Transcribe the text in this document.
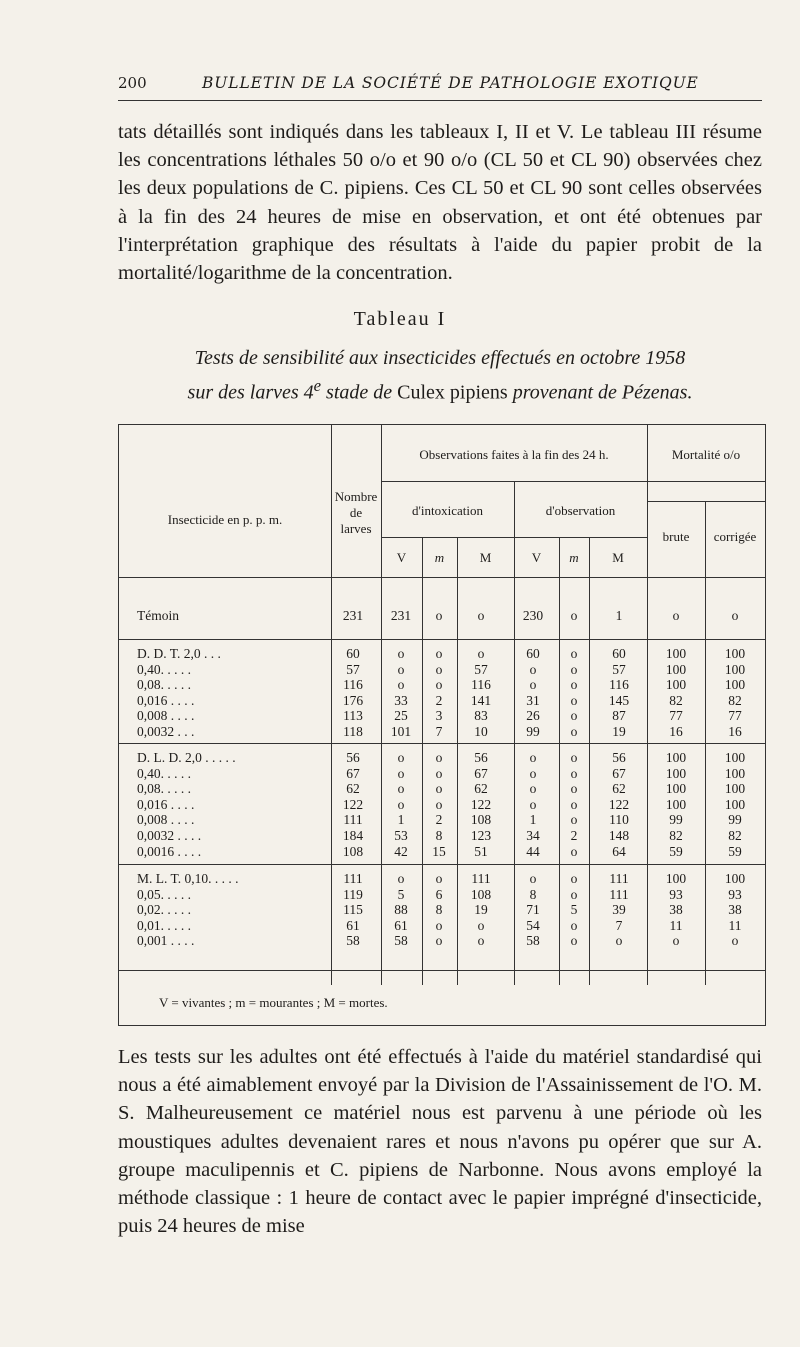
200	BULLETIN DE LA SOCIÉTÉ DE PATHOLOGIE EXOTIQUE
tats détaillés sont indiqués dans les tableaux I, II et V. Le tableau III résume les concentrations léthales 50 o/o et 90 o/o (CL 50 et CL 90) observées chez les deux populations de C. pipiens. Ces CL 50 et CL 90 sont celles observées à la fin des 24 heures de mise en observation, et ont été obtenues par l'interprétation graphique des résultats à l'aide du papier probit de la mortalité/logarithme de la concentration.
Tableau I
Tests de sensibilité aux insecticides effectués en octobre 1958
sur des larves 4e stade de Culex pipiens provenant de Pézenas.
Insecticide en p. p. m.
Nombre de larves
Observations faites à la fin des 24 h.
d'intoxication	d'observation
Mortalité o/o
brute	corrigée
V	m	M	V	m	M
Témoin	231	231	o	o	230	o	1	o	o
D. D. T. 2,0 . . .	60	o	o	o	60	o	60	100	100
0,40. . . . .	57	o	o	57	o	o	57	100	100
0,08. . . . .	116	o	o	116	o	o	116	100	100
0,016 . . . .	176	33	2	141	31	o	145	82	82
0,008 . . . .	113	25	3	83	26	o	87	77	77
0,0032 . . .	118	101	7	10	99	o	19	16	16
D. L. D. 2,0 . . . . .	56	o	o	56	o	o	56	100	100
0,40. . . . .	67	o	o	67	o	o	67	100	100
0,08. . . . .	62	o	o	62	o	o	62	100	100
0,016 . . . .	122	o	o	122	o	o	122	100	100
0,008 . . . .	111	1	2	108	1	o	110	99	99
0,0032 . . . .	184	53	8	123	34	2	148	82	82
0,0016 . . . .	108	42	15	51	44	o	64	59	59
M. L. T. 0,10. . . . .	111	o	o	111	o	o	111	100	100
0,05. . . . .	119	5	6	108	8	o	111	93	93
0,02. . . . .	115	88	8	19	71	5	39	38	38
0,01. . . . .	61	61	o	o	54	o	7	11	11
0,001 . . . .	58	58	o	o	58	o	o	o	o
V = vivantes ; m = mourantes ; M = mortes.
Les tests sur les adultes ont été effectués à l'aide du matériel standardisé qui nous a été aimablement envoyé par la Division de l'Assainissement de l'O. M. S. Malheureusement ce matériel nous est parvenu à une période où les moustiques adultes devenaient rares et nous n'avons pu opérer que sur A. groupe maculipennis et C. pipiens de Narbonne. Nous avons employé la méthode classique : 1 heure de contact avec le papier imprégné d'insecticide, puis 24 heures de mise
